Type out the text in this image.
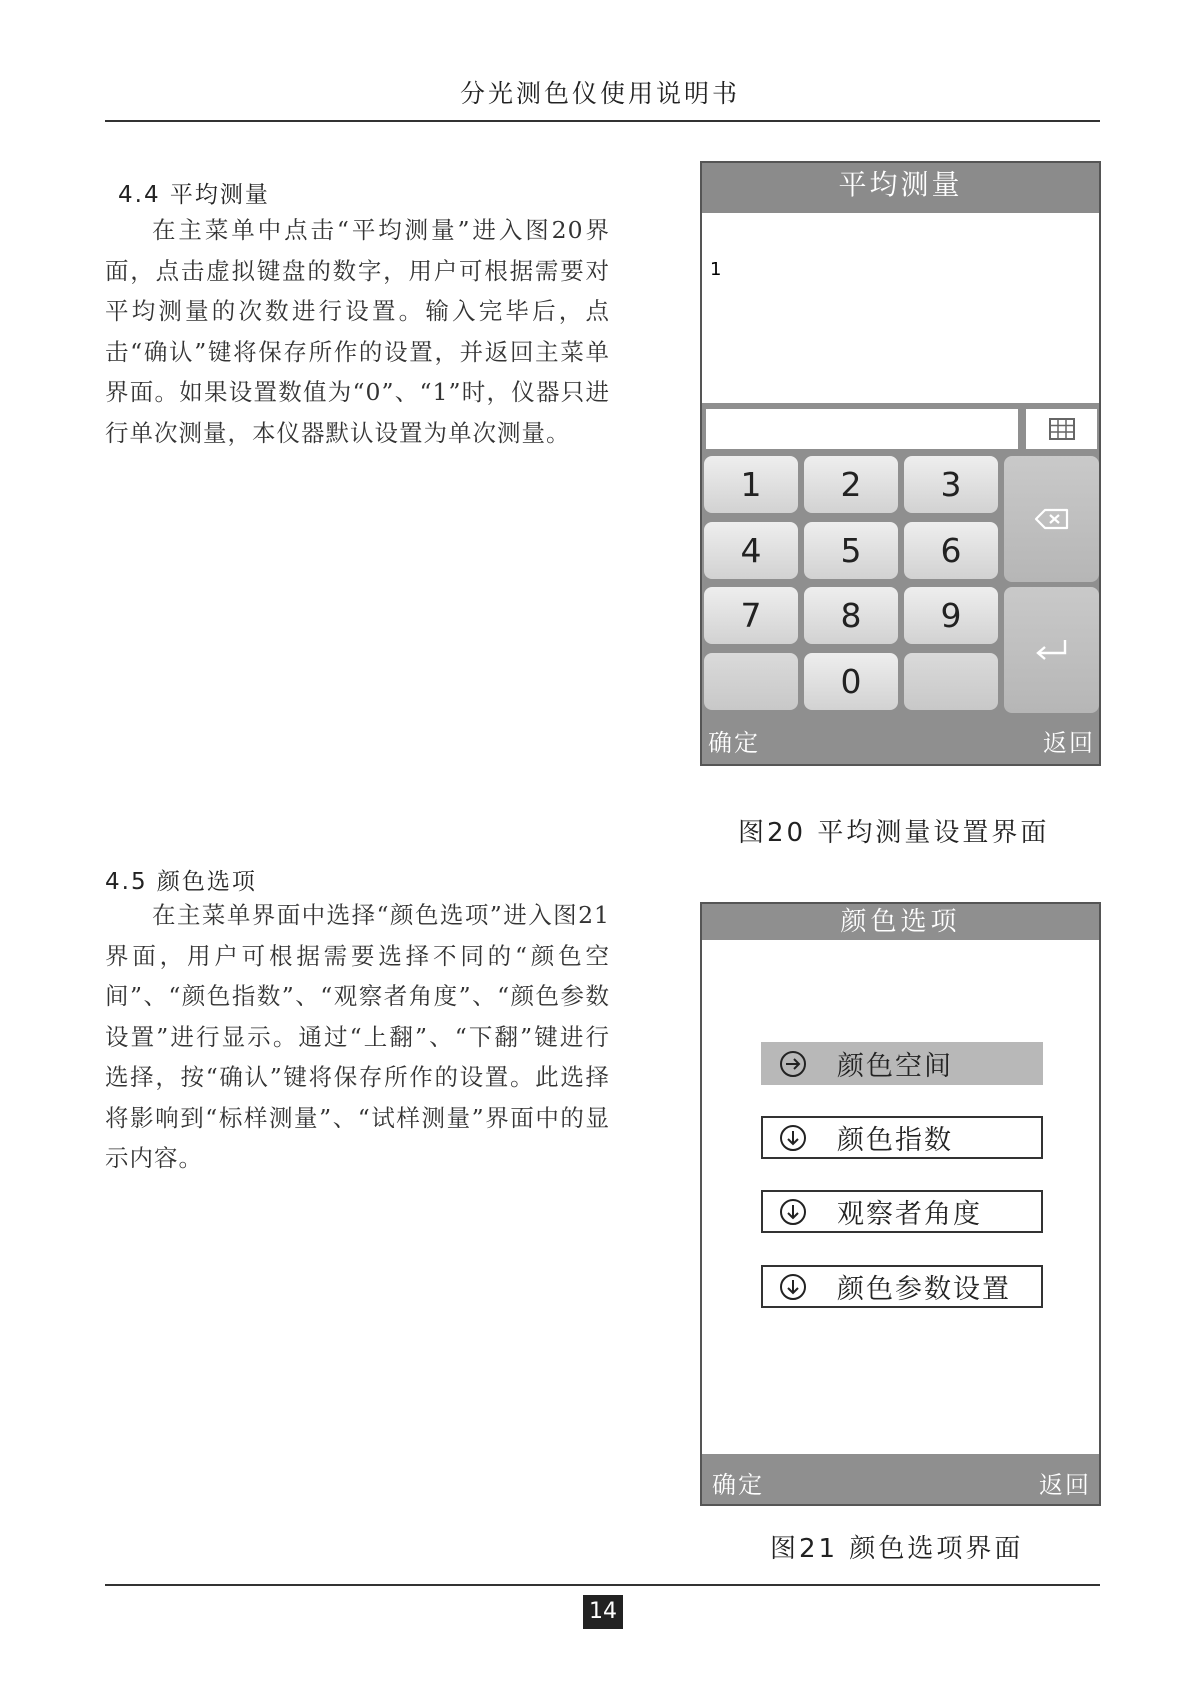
分光测色仪使用说明书
4.4 平均测量
在主菜单中点击“平均测量”进入图20界面，点击虚拟键盘的数字，用户可根据需要对平均测量的次数进行设置。输入完毕后，点击“确认”键将保存所作的设置，并返回主菜单界面。如果设置数值为“0”、“1”时，仪器只进行单次测量，本仪器默认设置为单次测量。
平均测量
1
1	2	3
4	5	6
7	8	9
0
确定	返回
图20 平均测量设置界面
4.5 颜色选项
在主菜单界面中选择“颜色选项”进入图21界面，用户可根据需要选择不同的“颜色空间”、“颜色指数”、“观察者角度”、“颜色参数设置”进行显示。通过“上翻”、“下翻”键进行选择，按“确认”键将保存所作的设置。此选择将影响到“标样测量”、“试样测量”界面中的显示内容。
颜色选项
颜色空间
颜色指数
观察者角度
颜色参数设置
确定	返回
图21 颜色选项界面
14
